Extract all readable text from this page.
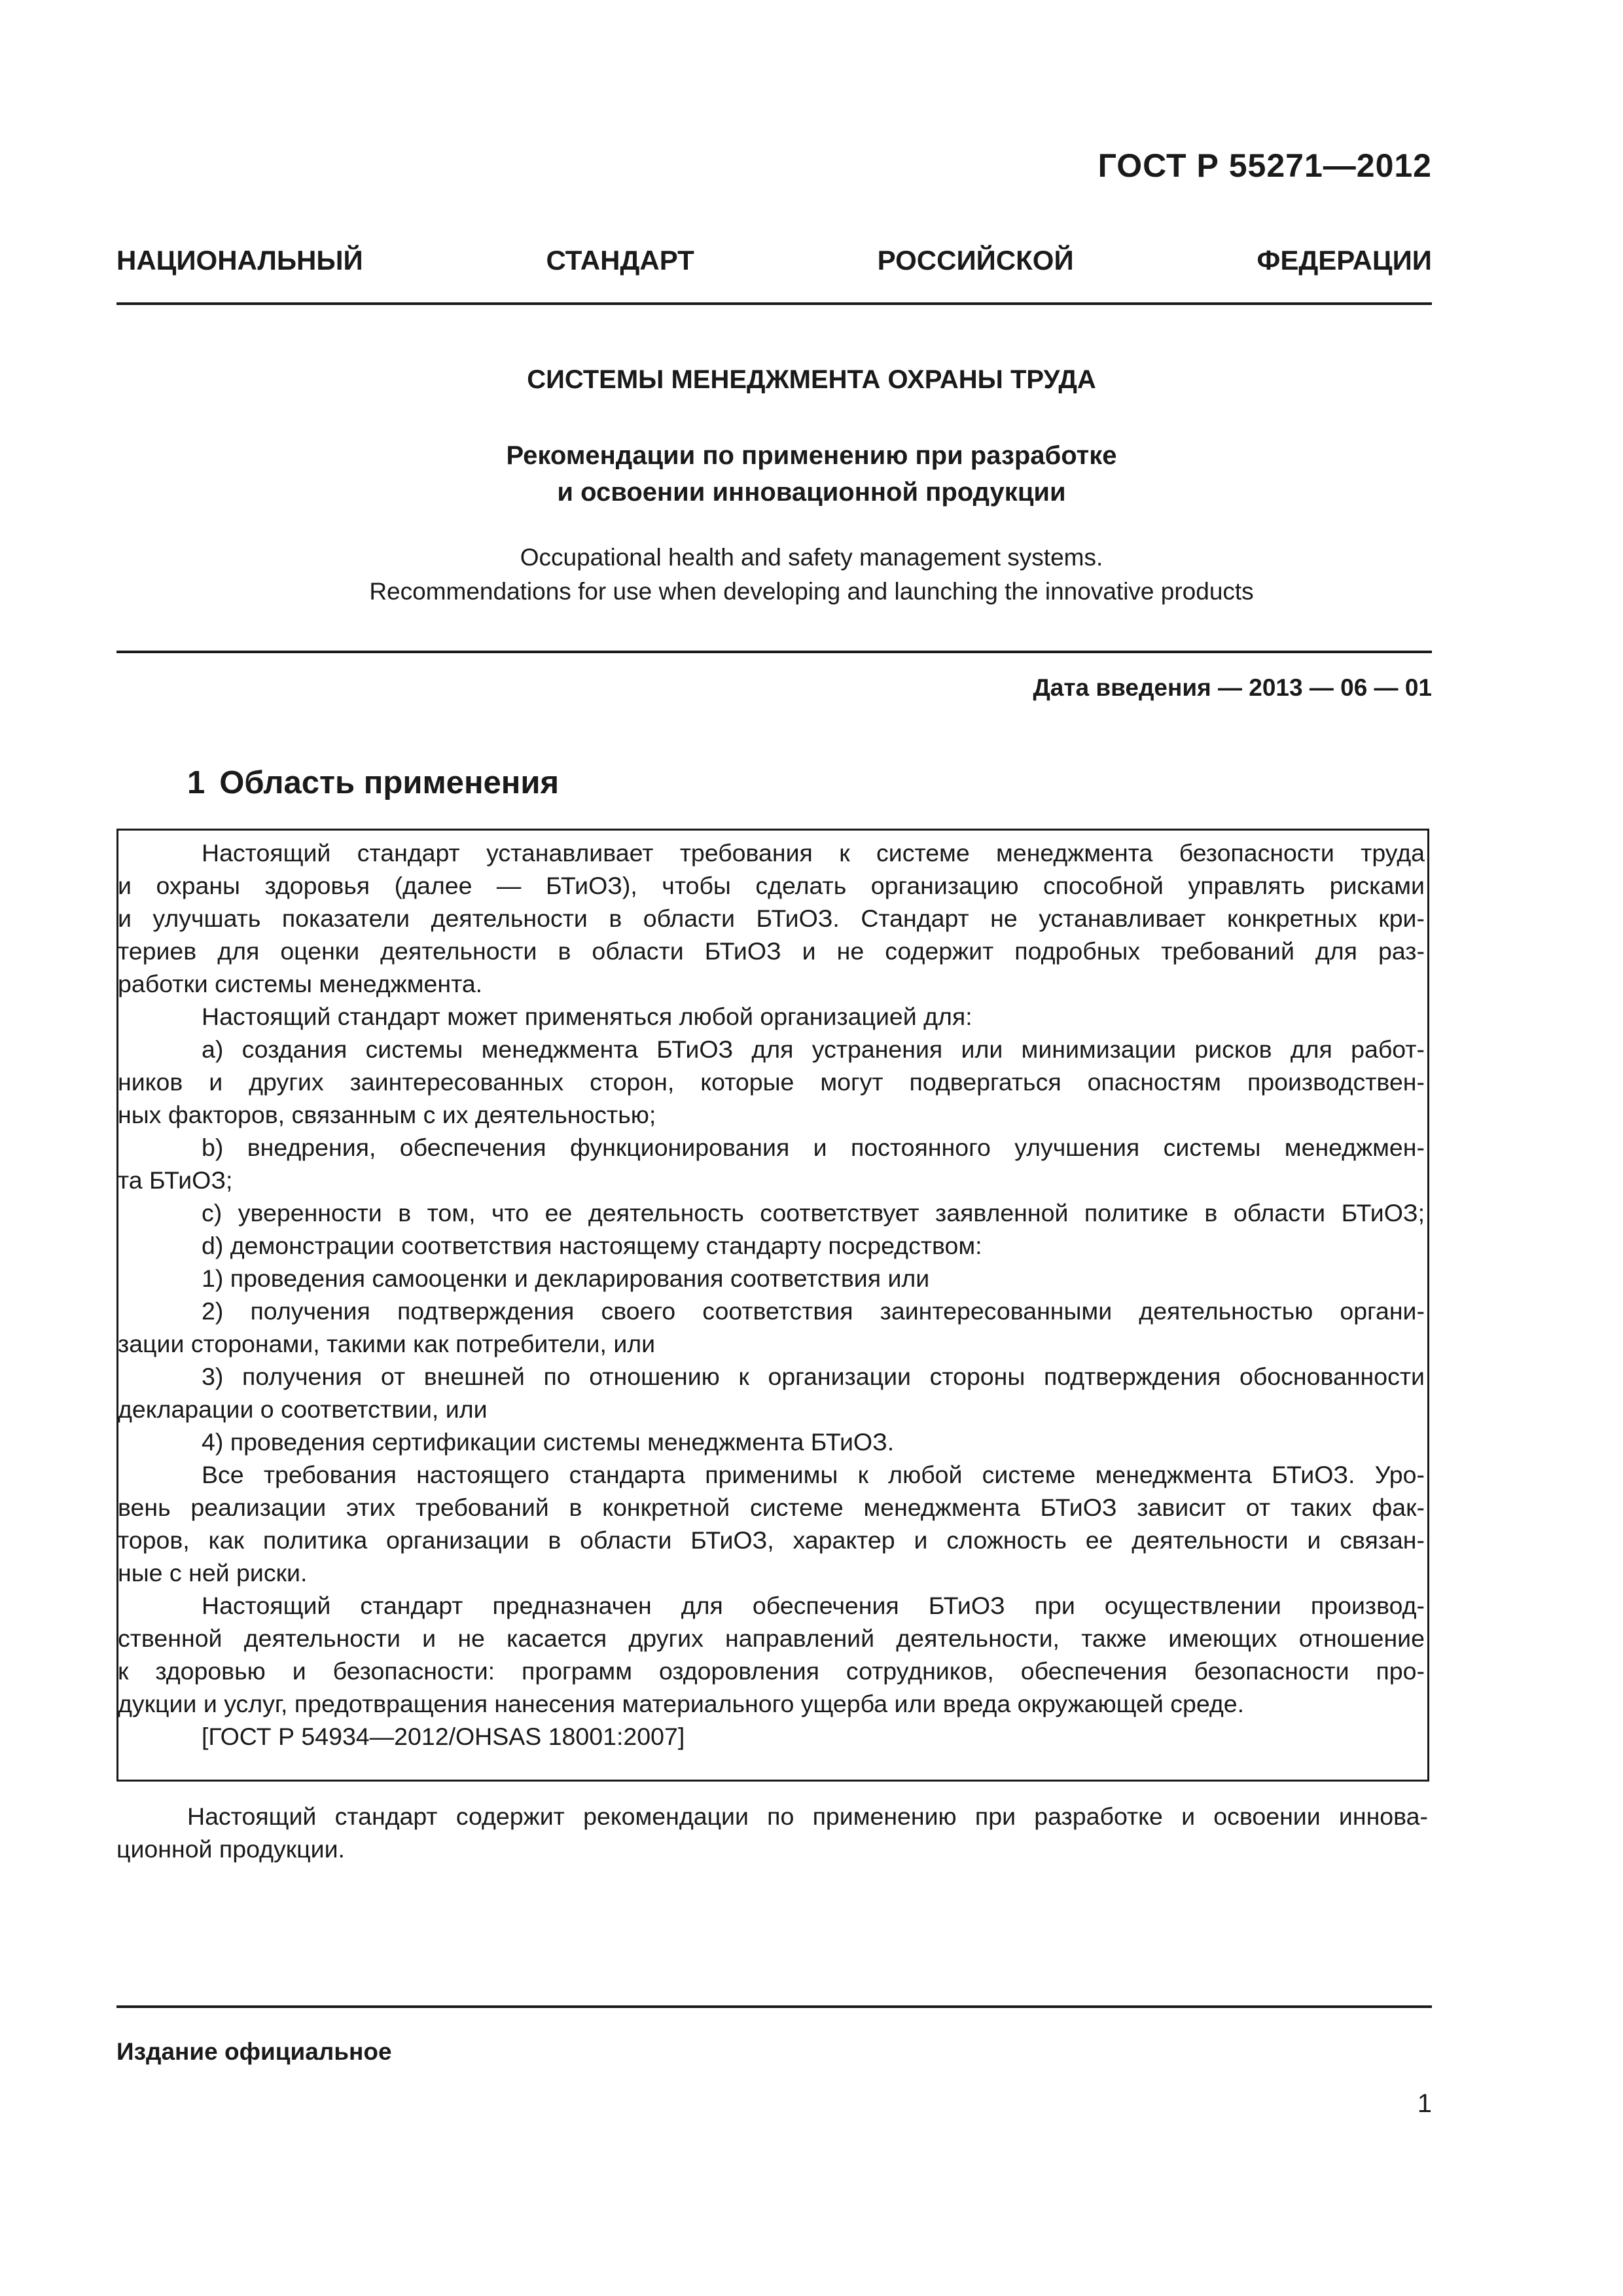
ГОСТ Р 55271—2012
НАЦИОНАЛЬНЫЙ	СТАНДАРТ	РОССИЙСКОЙ	ФЕДЕРАЦИИ
СИСТЕМЫ МЕНЕДЖМЕНТА ОХРАНЫ ТРУДА
Рекомендации по применению при разработке
и освоении инновационной продукции
Occupational health and safety management systems.
Recommendations for use when developing and launching the innovative products
Дата введения — 2013 — 06 — 01
1 Область применения
Настоящий стандарт устанавливает требования к системе менеджмента безопасности труда
и охраны здоровья (далее — БТиОЗ), чтобы сделать организацию способной управлять рисками
и улучшать показатели деятельности в области БТиОЗ. Стандарт не устанавливает конкретных кри-
териев для оценки деятельности в области БТиОЗ и не содержит подробных требований для раз-
работки системы менеджмента.
Настоящий стандарт может применяться любой организацией для:
а) создания системы менеджмента БТиОЗ для устранения или минимизации рисков для работ-
ников и других заинтересованных сторон, которые могут подвергаться опасностям производствен-
ных факторов, связанным с их деятельностью;
b) внедрения, обеспечения функционирования и постоянного улучшения системы менеджмен-
та БТиОЗ;
c) уверенности в том, что ее деятельность соответствует заявленной политике в области БТиОЗ;
d) демонстрации соответствия настоящему стандарту посредством:
1) проведения самооценки и декларирования соответствия или
2) получения подтверждения своего соответствия заинтересованными деятельностью органи-
зации сторонами, такими как потребители, или
3) получения от внешней по отношению к организации стороны подтверждения обоснованности
декларации о соответствии, или
4) проведения сертификации системы менеджмента БТиОЗ.
Все требования настоящего стандарта применимы к любой системе менеджмента БТиОЗ. Уро-
вень реализации этих требований в конкретной системе менеджмента БТиОЗ зависит от таких фак-
торов, как политика организации в области БТиОЗ, характер и сложность ее деятельности и связан-
ные с ней риски.
Настоящий стандарт предназначен для обеспечения БТиОЗ при осуществлении производ-
ственной деятельности и не касается других направлений деятельности, также имеющих отношение
к здоровью и безопасности: программ оздоровления сотрудников, обеспечения безопасности про-
дукции и услуг, предотвращения нанесения материального ущерба или вреда окружающей среде.
[ГОСТ Р 54934—2012/OHSAS 18001:2007]
Настоящий стандарт содержит рекомендации по применению при разработке и освоении иннова-
ционной продукции.
Издание официальное
1
